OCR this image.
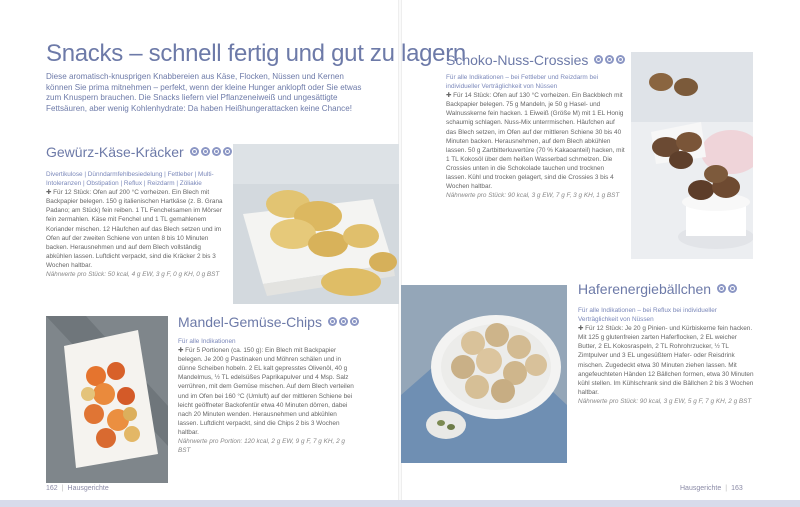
Snacks – schnell fertig und gut zu lagern
Diese aromatisch-knusprigen Knabbereien aus Käse, Flocken, Nüssen und Kernen können Sie prima mitnehmen – perfekt, wenn der kleine Hunger anklopft oder Sie etwas zum Knuspern brauchen. Die Snacks liefern viel Pflanzeneiweiß und ungesättigte Fettsäuren, aber wenig Kohlenhydrate: Da haben Heißhungerattacken keine Chance!
Gewürz-Käse-Kräcker
Divertikulose | Dünndarmfehlbesiedelung | Fettleber | Multi-Intoleranzen | Obstipation | Reflux | Reizdarm | Zöliakie
✚ Für 12 Stück: Ofen auf 200 °C vorheizen. Ein Blech mit Backpapier belegen. 150 g italienischen Hartkäse (z. B. Grana Padano; am Stück) fein reiben. 1 TL Fenchelsamen im Mörser fein zermahlen. Käse mit Fenchel und 1 TL gemahlenem Koriander mischen. 12 Häufchen auf das Blech setzen und im Ofen auf der zweiten Schiene von unten 8 bis 10 Minuten backen. Herausnehmen und auf dem Blech vollständig abkühlen lassen. Luftdicht verpackt, sind die Kräcker 2 bis 3 Wochen haltbar.
Nährwerte pro Stück: 50 kcal, 4 g EW, 3 g F, 0 g KH, 0 g BST
Mandel-Gemüse-Chips
Für alle Indikationen
✚ Für 5 Portionen (ca. 150 g): Ein Blech mit Backpapier belegen. Je 200 g Pastinaken und Möhren schälen und in dünne Scheiben hobeln. 2 EL kalt gepresstes Olivenöl, 40 g Mandelmus, ½ TL edelsüßes Paprikapulver und 4 Msp. Salz verrühren, mit dem Gemüse mischen. Auf dem Blech verteilen und im Ofen bei 160 °C (Umluft) auf der mittleren Schiene bei leicht geöffneter Backofentür etwa 40 Minuten dörren, dabei nach 20 Minuten wenden. Herausnehmen und abkühlen lassen. Luftdicht verpackt, sind die Chips 2 bis 3 Wochen haltbar.
Nährwerte pro Portion: 120 kcal, 2 g EW, 9 g F, 7 g KH, 2 g BST
162 | Hausgerichte
Schoko-Nuss-Crossies
Für alle Indikationen – bei Fettleber und Reizdarm bei individueller Verträglichkeit von Nüssen
✚ Für 14 Stück: Ofen auf 130 °C vorheizen. Ein Backblech mit Backpapier belegen. 75 g Mandeln, je 50 g Hasel- und Walnusskerne fein hacken. 1 Eiweiß (Größe M) mit 1 EL Honig schaumig schlagen. Nuss-Mix unterrmischen. Häufchen auf das Blech setzen, im Ofen auf der mittleren Schiene 30 bis 40 Minuten backen. Herausnehmen, auf dem Blech abkühlen lassen. 50 g Zartbitterkuvertüre (70 % Kakaoanteil) hacken, mit 1 TL Kokosöl über dem heißen Wasserbad schmelzen. Die Crossies unten in die Schokolade tauchen und trocknen lassen. Kühl und trocken gelagert, sind die Crossies 3 bis 4 Wochen haltbar.
Nährwerte pro Stück: 90 kcal, 3 g EW, 7 g F, 3 g KH, 1 g BST
Haferenergiebällchen
Für alle Indikationen – bei Reflux bei individueller Verträglichkeit von Nüssen
✚ Für 12 Stück: Je 20 g Pinien- und Kürbiskerne fein hacken. Mit 125 g glutenfreien zarten Haferflocken, 2 EL weicher Butter, 2 EL Kokosraspeln, 2 TL Rohrohrzucker, ½ TL Zimtpulver und 3 EL ungesüßtem Hafer- oder Reisdrink mischen. Zugedeckt etwa 30 Minuten ziehen lassen. Mit angefeuchteten Händen 12 Bällchen formen, etwa 30 Minuten kühl stellen. Im Kühlschrank sind die Bällchen 2 bis 3 Wochen haltbar.
Nährwerte pro Stück: 90 kcal, 3 g EW, 5 g F, 7 g KH, 2 g BST
Hausgerichte | 163
